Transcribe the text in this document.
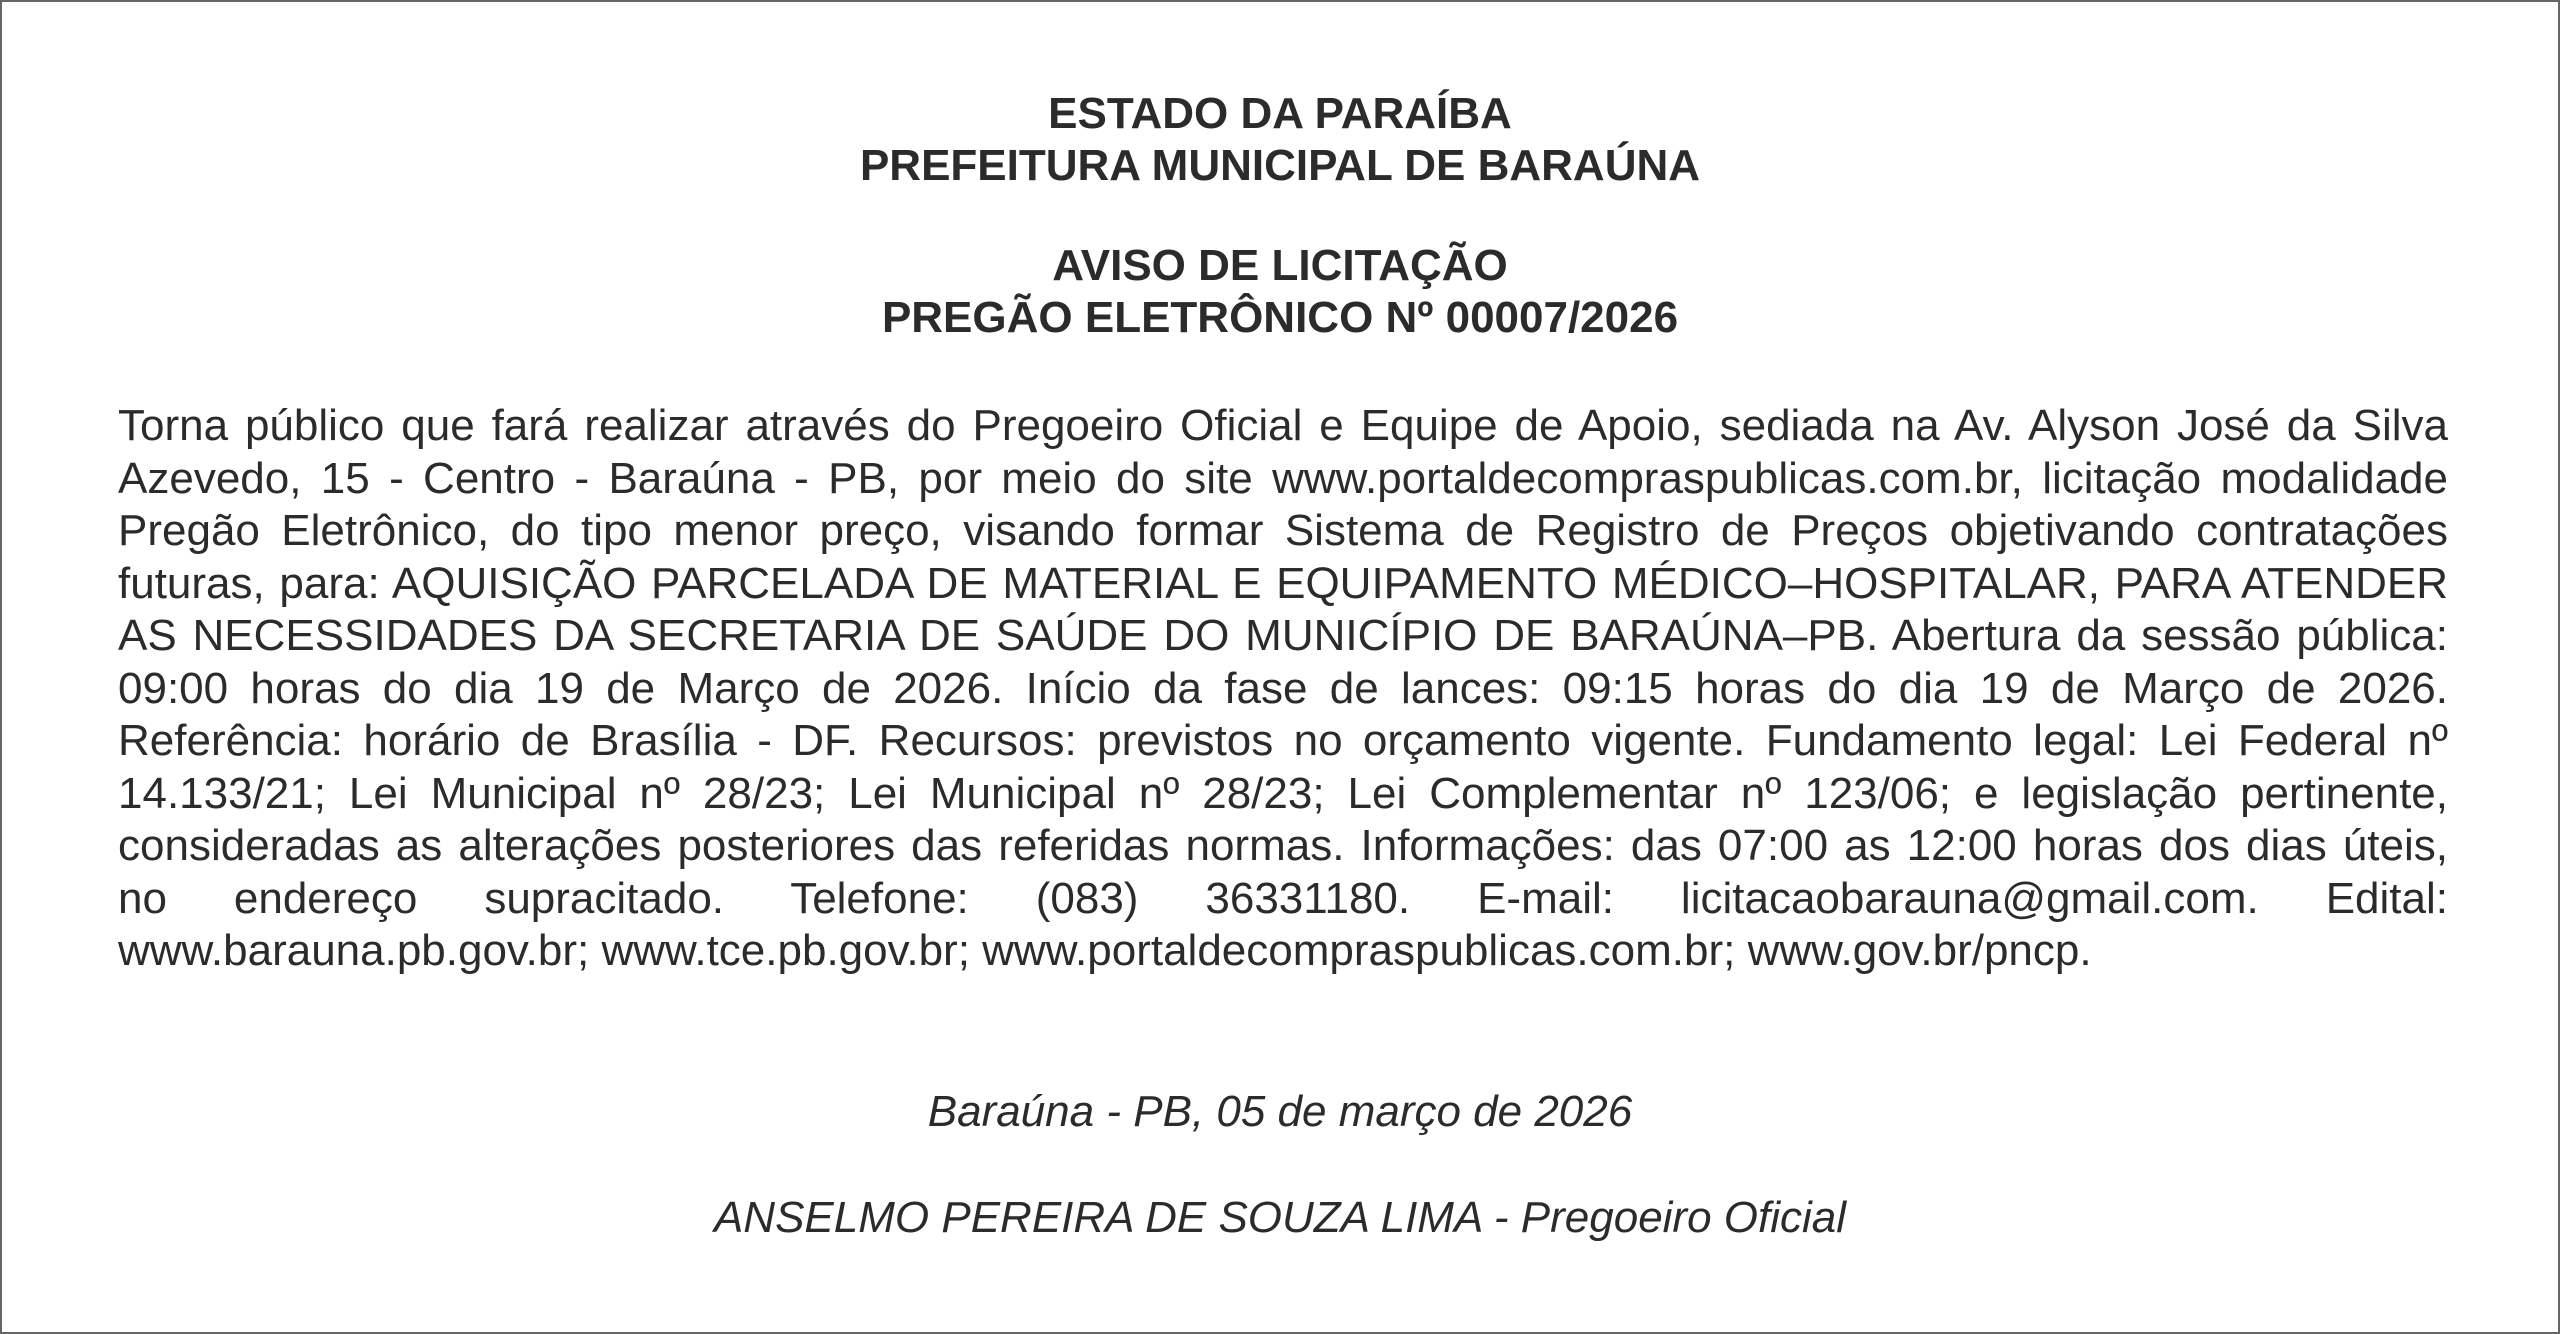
ESTADO DA PARAÍBA
PREFEITURA MUNICIPAL DE BARAÚNA
AVISO DE LICITAÇÃO
PREGÃO ELETRÔNICO Nº 00007/2026

Torna público que fará realizar através do Pregoeiro Oficial e Equipe de Apoio, sediada na Av. Alyson José da Silva Azevedo, 15 - Centro - Baraúna - PB, por meio do site www.portaldecompraspublicas.com.br, licitação modalidade Pregão Eletrônico, do tipo menor preço, visando formar Sistema de Registro de Preços objetivando contratações futuras, para: AQUISIÇÃO PARCELADA DE MATERIAL E EQUIPAMENTO MÉDICO–HOSPITALAR, PARA ATENDER AS NECESSIDADES DA SECRETARIA DE SAÚDE DO MUNICÍPIO DE BARAÚNA–PB. Abertura da sessão pública: 09:00 horas do dia 19 de Março de 2026. Início da fase de lances: 09:15 horas do dia 19 de Março de 2026. Referência: horário de Brasília - DF. Recursos: previstos no orçamento vigente. Fundamento legal: Lei Federal nº 14.133/21; Lei Municipal nº 28/23; Lei Municipal nº 28/23; Lei Complementar nº 123/06; e legislação pertinente, consideradas as alterações posteriores das referidas normas. Informações: das 07:00 as 12:00 horas dos dias úteis, no endereço supracitado. Telefone: (083) 36331180. E-mail: licitacaobarauna@gmail.com. Edital: www.barauna.pb.gov.br; www.tce.pb.gov.br; www.portaldecompraspublicas.com.br; www.gov.br/pncp.

Baraúna - PB, 05 de março de 2026
ANSELMO PEREIRA DE SOUZA LIMA - Pregoeiro Oficial
